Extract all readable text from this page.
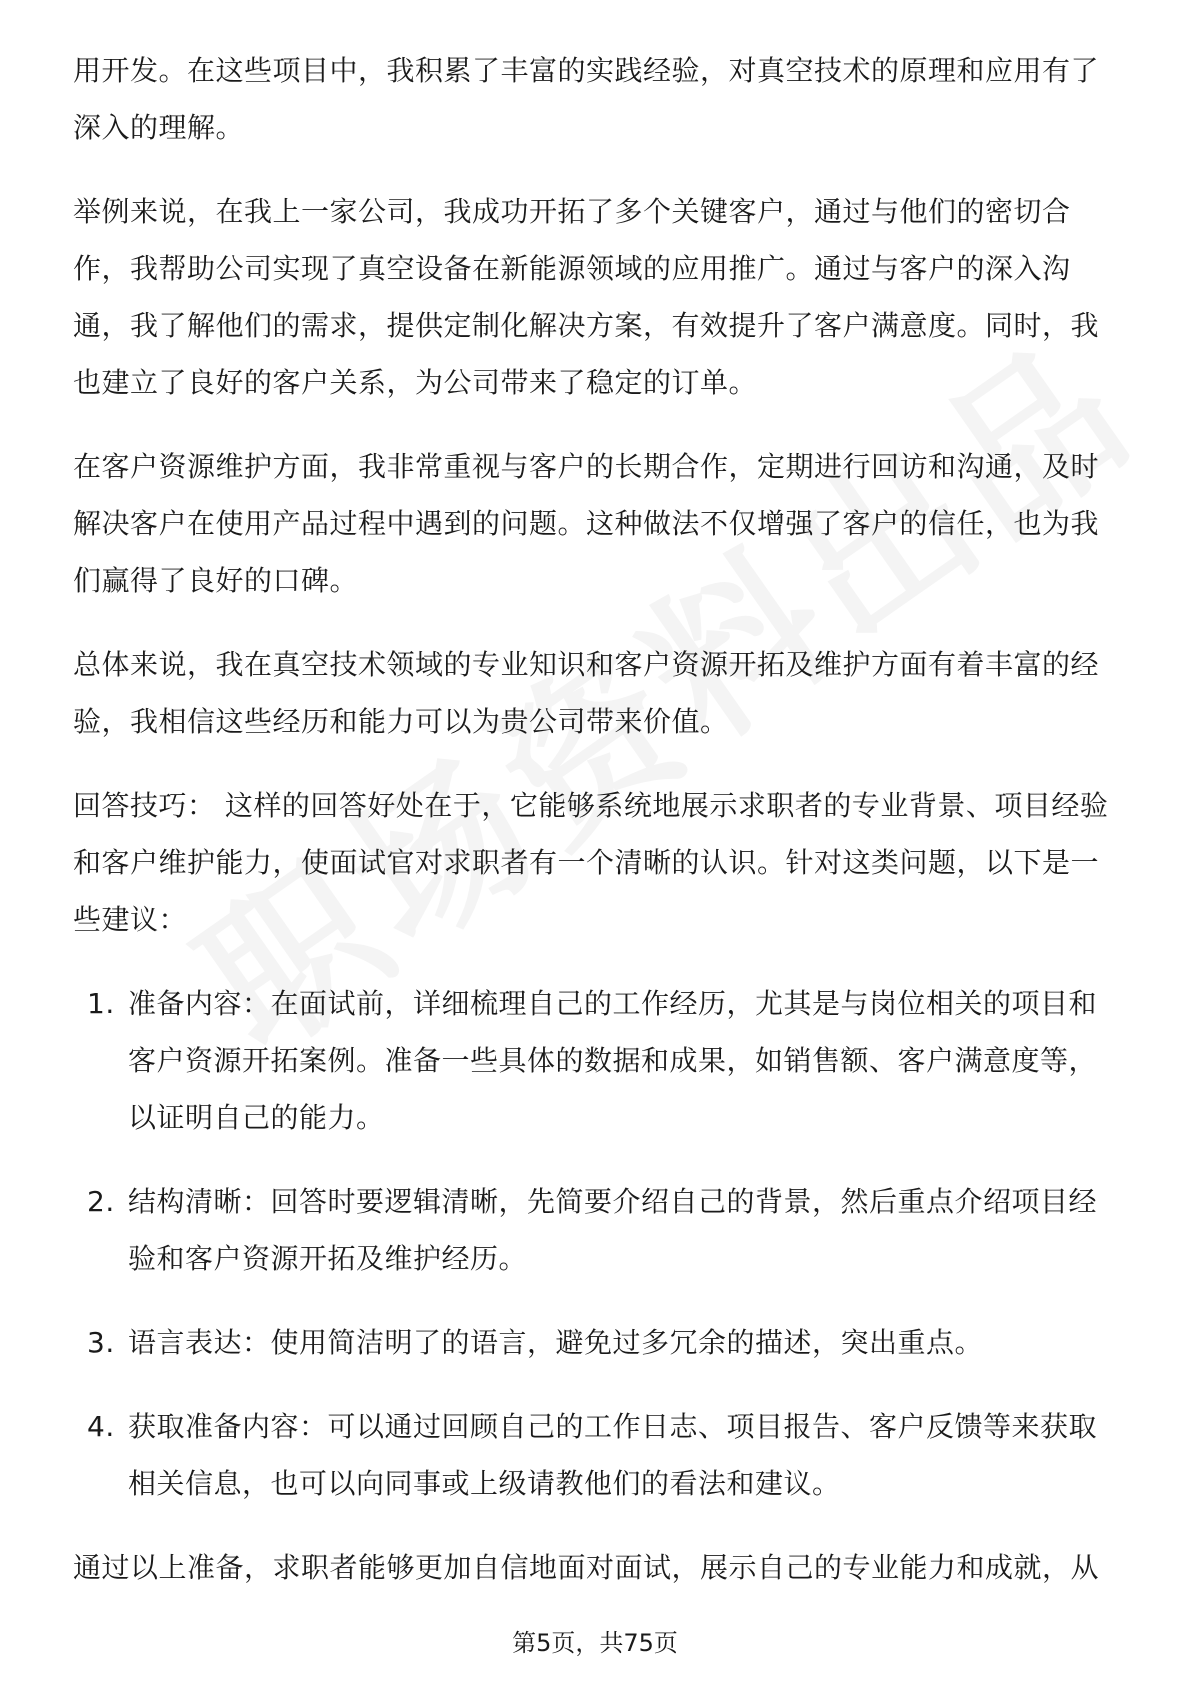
用开发。在这些项目中，我积累了丰富的实践经验，对真空技术的原理和应用有了深入的理解。

举例来说，在我上一家公司，我成功开拓了多个关键客户，通过与他们的密切合作，我帮助公司实现了真空设备在新能源领域的应用推广。通过与客户的深入沟通，我了解他们的需求，提供定制化解决方案，有效提升了客户满意度。同时，我也建立了良好的客户关系，为公司带来了稳定的订单。

在客户资源维护方面，我非常重视与客户的长期合作，定期进行回访和沟通，及时解决客户在使用产品过程中遇到的问题。这种做法不仅增强了客户的信任，也为我们赢得了良好的口碑。

总体来说，我在真空技术领域的专业知识和客户资源开拓及维护方面有着丰富的经验，我相信这些经历和能力可以为贵公司带来价值。

回答技巧： 这样的回答好处在于，它能够系统地展示求职者的专业背景、项目经验和客户维护能力，使面试官对求职者有一个清晰的认识。针对这类问题，以下是一些建议：

1. 准备内容：在面试前，详细梳理自己的工作经历，尤其是与岗位相关的项目和客户资源开拓案例。准备一些具体的数据和成果，如销售额、客户满意度等，以证明自己的能力。
2. 结构清晰：回答时要逻辑清晰，先简要介绍自己的背景，然后重点介绍项目经验和客户资源开拓及维护经历。
3. 语言表达：使用简洁明了的语言，避免过多冗余的描述，突出重点。
4. 获取准备内容：可以通过回顾自己的工作日志、项目报告、客户反馈等来获取相关信息，也可以向同事或上级请教他们的看法和建议。

通过以上准备，求职者能够更加自信地面对面试，展示自己的专业能力和成就，从

第5页，共75页
